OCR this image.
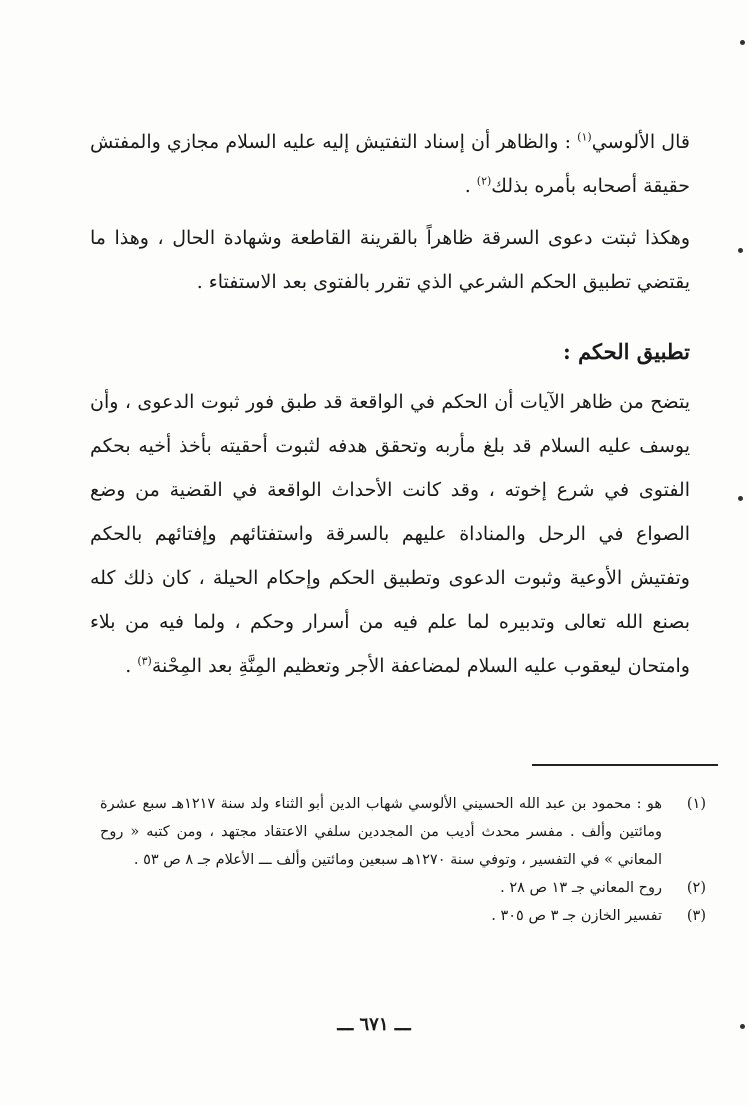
قال الألوسي$^{(١)}$ : والظاهر أن إسناد التفتيش إليه عليه السلام مجازي والمفتش حقيقة أصحابه بأمره بذلك$^{(٢)}$ .

وهكذا ثبتت دعوى السرقة ظاهراً بالقرينة القاطعة وشهادة الحال ، وهذا ما يقتضي تطبيق الحكم الشرعي الذي تقرر بالفتوى بعد الاستفتاء .

تطبيق الحكم :

يتضح من ظاهر الآيات أن الحكم في الواقعة قد طبق فور ثبوت الدعوى ، وأن يوسف عليه السلام قد بلغ مأربه وتحقق هدفه لثبوت أحقيته بأخذ أخيه بحكم الفتوى في شرع إخوته ، وقد كانت الأحداث الواقعة في القضية من وضع الصواع في الرحل والمناداة عليهم بالسرقة واستفتائهم وإفتائهم بالحكم وتفتيش الأوعية وثبوت الدعوى وتطبيق الحكم وإحكام الحيلة ، كان ذلك كله بصنع الله تعالى وتدبيره لما علم فيه من أسرار وحكم ، ولما فيه من بلاء وامتحان ليعقوب عليه السلام لمضاعفة الأجر وتعظيم المِنَّةِ بعد المِحْنة$^{(٣)}$ .

(١)
هو : محمود بن عبد الله الحسيني الألوسي شهاب الدين أبو الثناء ولد سنة ١٢١٧هـ سبع عشرة ومائتين وألف . مفسر محدث أديب من المجددين سلفي الاعتقاد مجتهد ، ومن كتبه « روح المعاني » في التفسير ، وتوفي سنة ١٢٧٠هـ سبعين ومائتين وألف ـــ الأعلام جـ ٨ ص ٥٣ .
(٢)
روح المعاني جـ ١٣ ص ٢٨ .
(٣)
تفسير الخازن جـ ٣ ص ٣٠٥ .
ـــ ٦٧١ ـــ
